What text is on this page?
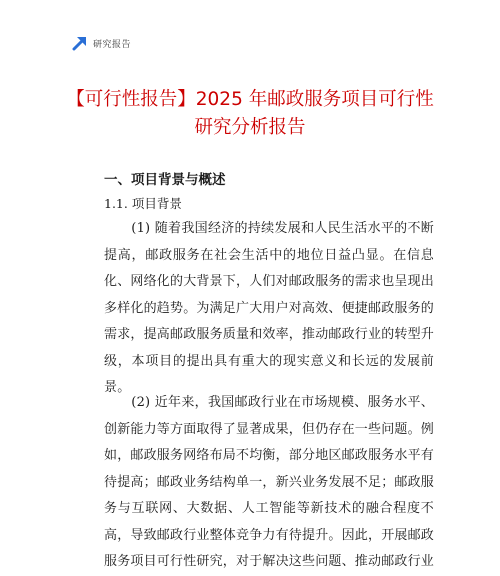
研究报告
【可行性报告】2025 年邮政服务项目可行性研究分析报告
一、项目背景与概述
1.1. 项目背景

(1) 随着我国经济的持续发展和人民生活水平的不断提高，邮政服务在社会生活中的地位日益凸显。在信息化、网络化的大背景下，人们对邮政服务的需求也呈现出多样化的趋势。为满足广大用户对高效、便捷邮政服务的需求，提高邮政服务质量和效率，推动邮政行业的转型升级，本项目的提出具有重大的现实意义和长远的发展前景。

(2) 近年来，我国邮政行业在市场规模、服务水平、创新能力等方面取得了显著成果，但仍存在一些问题。例如，邮政服务网络布局不均衡，部分地区邮政服务水平有待提高；邮政业务结构单一，新兴业务发展不足；邮政服务与互联网、大数据、人工智能等新技术的融合程度不高，导致邮政行业整体竞争力有待提升。因此，开展邮政服务项目可行性研究，对于解决这些问题、推动邮政行业
